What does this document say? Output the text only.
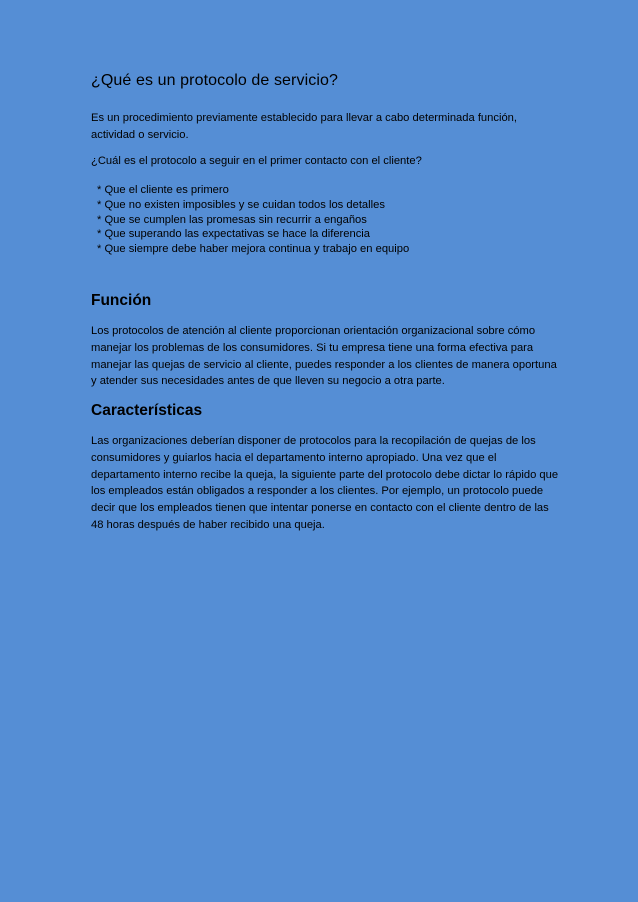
¿Qué es un protocolo de servicio?

Es un procedimiento previamente establecido para llevar a cabo determinada función, actividad o servicio.

¿Cuál es el protocolo a seguir en el primer contacto con el cliente?

* Que el cliente es primero
* Que no existen imposibles y se cuidan todos los detalles
* Que se cumplen las promesas sin recurrir a engaños
* Que superando las expectativas se hace la diferencia
* Que siempre debe haber mejora continua y trabajo en equipo
Función

Los protocolos de atención al cliente proporcionan orientación organizacional sobre cómo manejar los problemas de los consumidores. Si tu empresa tiene una forma efectiva para manejar las quejas de servicio al cliente, puedes responder a los clientes de manera oportuna y atender sus necesidades antes de que lleven su negocio a otra parte.

Características

Las organizaciones deberían disponer de protocolos para la recopilación de quejas de los consumidores y guiarlos hacia el departamento interno apropiado. Una vez que el departamento interno recibe la queja, la siguiente parte del protocolo debe dictar lo rápido que los empleados están obligados a responder a los clientes. Por ejemplo, un protocolo puede decir que los empleados tienen que intentar ponerse en contacto con el cliente dentro de las 48 horas después de haber recibido una queja.
